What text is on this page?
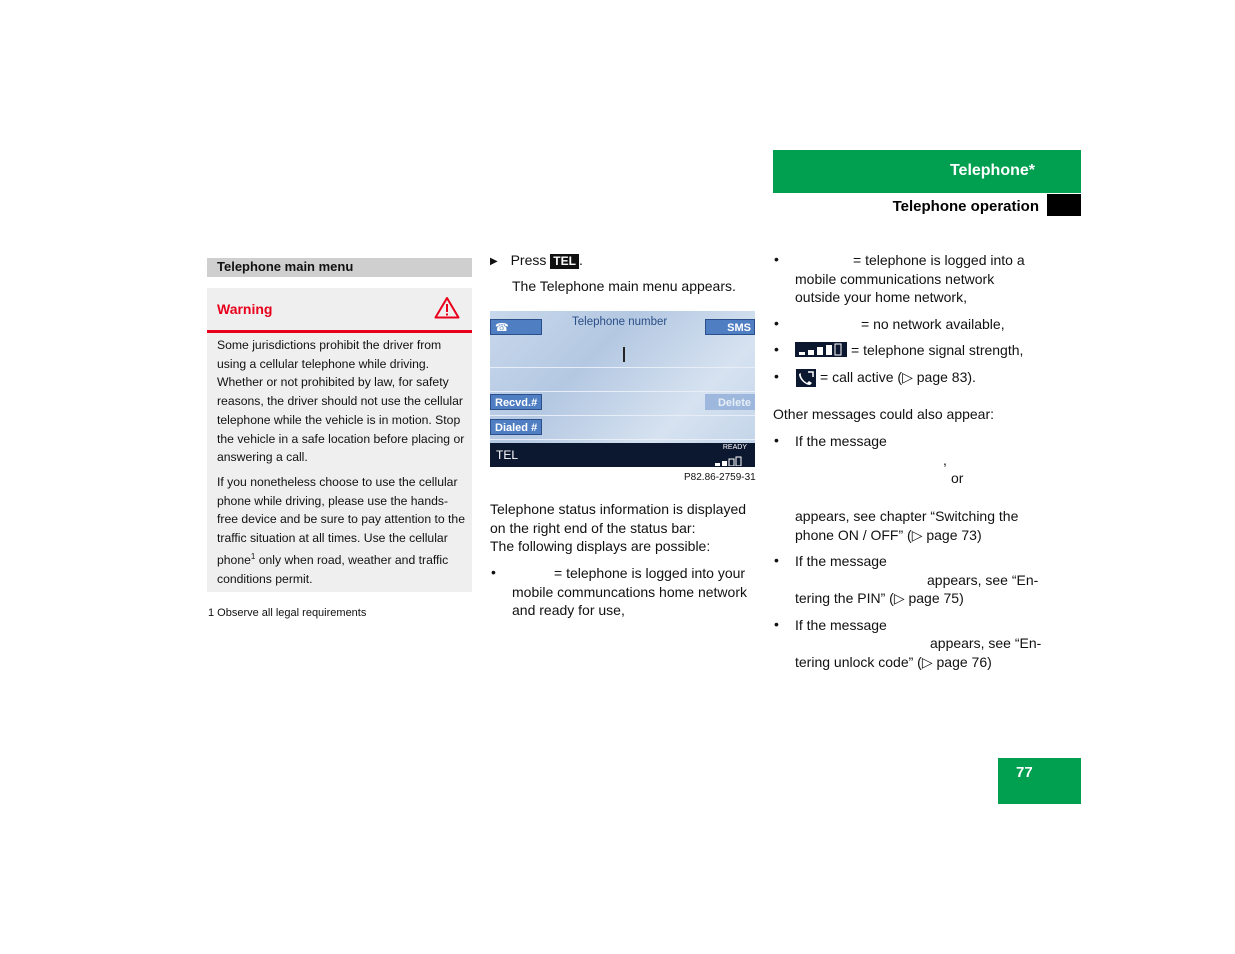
Telephone*
Telephone operation
Telephone main menu
Warning
Some jurisdictions prohibit the driver from using a cellular telephone while driving. Whether or not prohibited by law, for safety reasons, the driver should not use the cellular telephone while the vehicle is in motion. Stop the vehicle in a safe location before placing or answering a call.
If you nonetheless choose to use the cellular phone while driving, please use the hands-free device and be sure to pay attention to the traffic situation at all times. Use the cellular phone$^1$ only when road, weather and traffic conditions permit.
1 Observe all legal requirements
▶ Press TEL .
The Telephone main menu appears.
☎	Telephone number	SMS
Recvd.#	Delete
Dialed #
TEL
READY
P82.86-2759-31
Telephone status information is displayed on the right end of the status bar:
The following displays are possible:
•	= telephone is logged into your mobile communcations home network and ready for use,
•	= telephone is logged into a mobile communications network outside your home network,
•	= no network available,
•	= telephone signal strength,
•	= call active (▷ page 83).
Other messages could also appear:
• If the message
,
or
appears, see chapter “Switching the phone ON / OFF” (▷ page 73)
• If the message
appears, see “En-
tering the PIN” (▷ page 75)
• If the message
appears, see “En-
tering unlock code” (▷ page 76)
77
